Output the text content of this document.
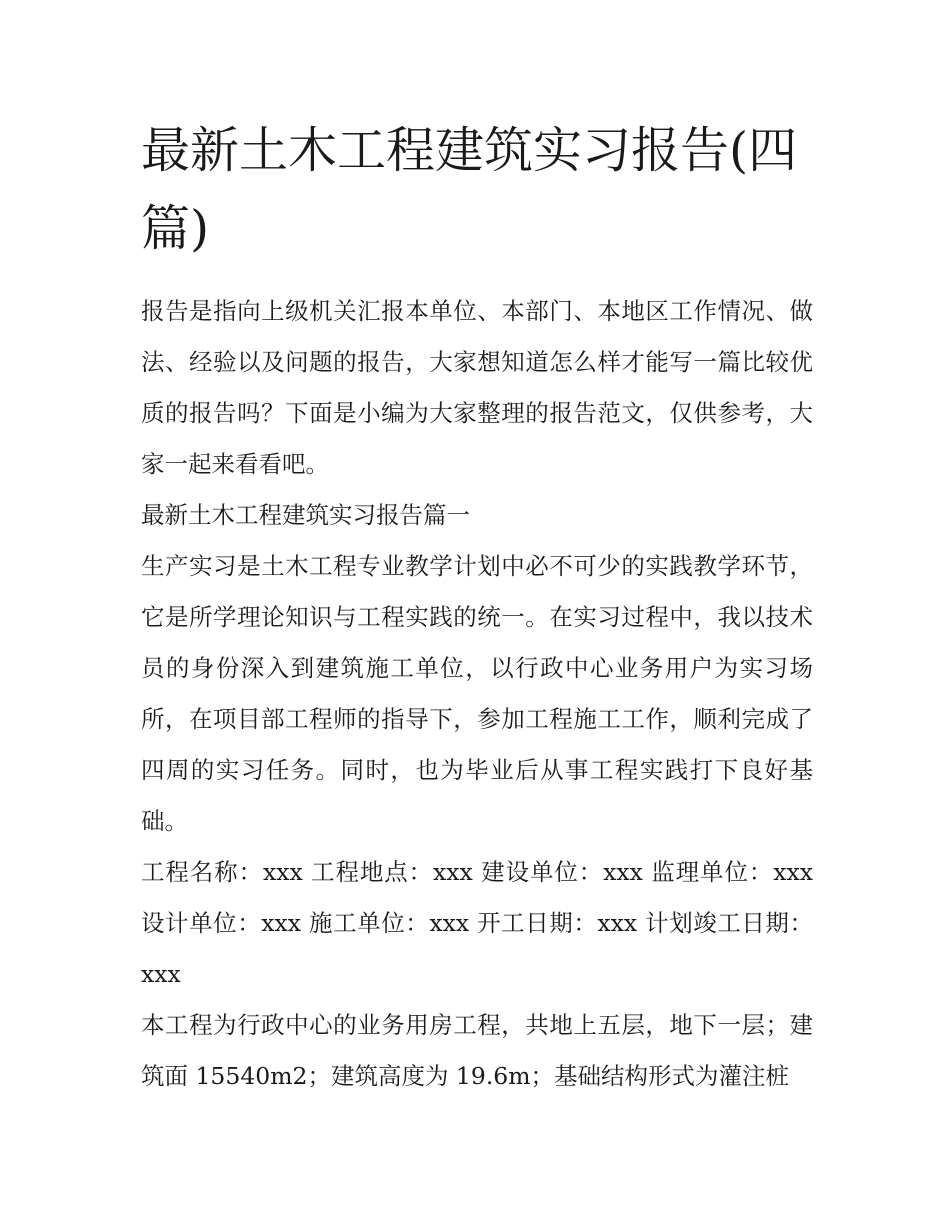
最新土木工程建筑实习报告(四篇)

报告是指向上级机关汇报本单位、本部门、本地区工作情况、做法、经验以及问题的报告，大家想知道怎么样才能写一篇比较优质的报告吗？下面是小编为大家整理的报告范文，仅供参考，大家一起来看看吧。

最新土木工程建筑实习报告篇一

生产实习是土木工程专业教学计划中必不可少的实践教学环节，它是所学理论知识与工程实践的统一。在实习过程中，我以技术员的身份深入到建筑施工单位，以行政中心业务用户为实习场所，在项目部工程师的指导下，参加工程施工工作，顺利完成了四周的实习任务。同时，也为毕业后从事工程实践打下良好基础。

工程名称：xxx 工程地点：xxx 建设单位：xxx 监理单位：xxx 设计单位：xxx 施工单位：xxx 开工日期：xxx 计划竣工日期：xxx

本工程为行政中心的业务用房工程，共地上五层，地下一层；建筑面 15540m2；建筑高度为 19.6m；基础结构形式为灌注桩
